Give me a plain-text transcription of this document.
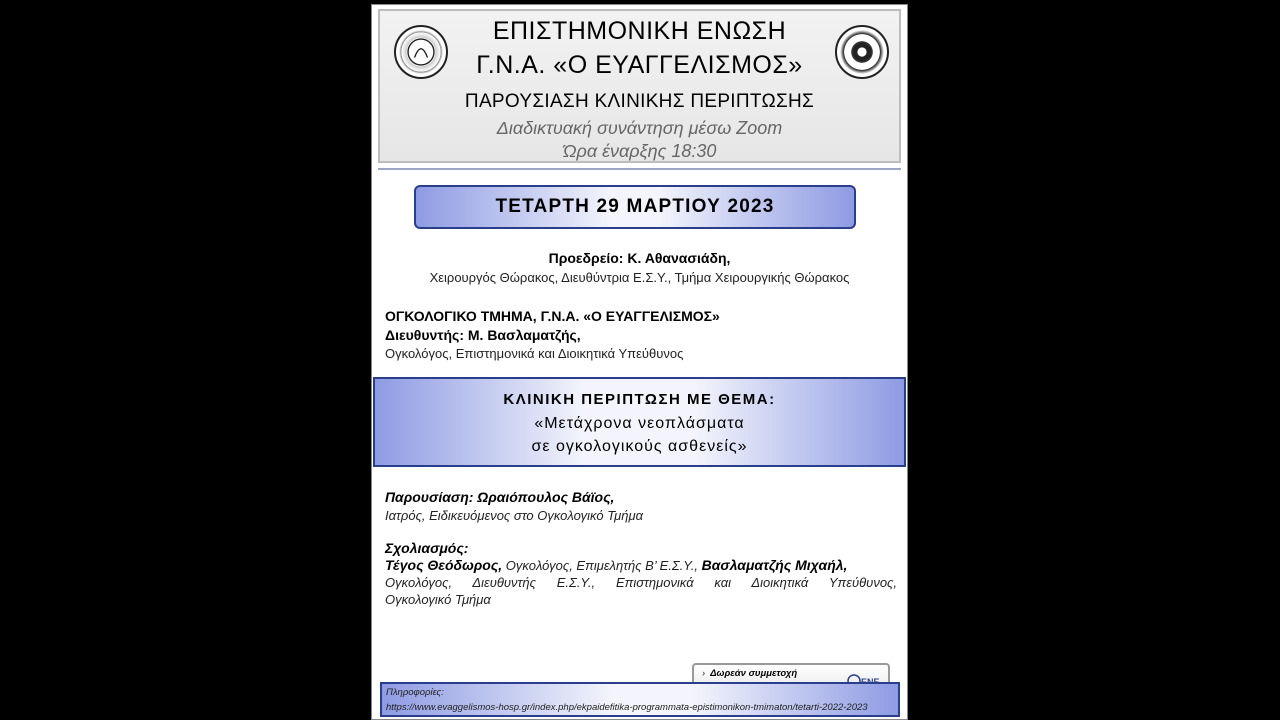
ΕΠΙΣΤΗΜΟΝΙΚΗ ΕΝΩΣΗ
Γ.Ν.Α. «Ο ΕΥΑΓΓΕΛΙΣΜΟΣ»
ΠΑΡΟΥΣΙΑΣΗ ΚΛΙΝΙΚΗΣ ΠΕΡΙΠΤΩΣΗΣ
Διαδικτυακή συνάντηση μέσω Zoom
Ώρα έναρξης 18:30
ΤΕΤΑΡΤΗ 29 ΜΑΡΤΙΟΥ 2023
Προεδρείο: Κ. Αθανασιάδη,
Χειρουργός Θώρακος, Διευθύντρια Ε.Σ.Υ., Τμήμα Χειρουργικής Θώρακος
ΟΓΚΟΛΟΓΙΚΟ ΤΜΗΜΑ, Γ.Ν.Α. «Ο ΕΥΑΓΓΕΛΙΣΜΟΣ»
Διευθυντής: Μ. Βασλαματζής,
Ογκολόγος, Επιστημονικά και Διοικητικά Υπεύθυνος
ΚΛΙΝΙΚΗ ΠΕΡΙΠΤΩΣΗ ΜΕ ΘΕΜΑ:
«Μετάχρονα νεοπλάσματα
σε ογκολογικούς ασθενείς»
Παρουσίαση: Ωραιόπουλος Βάϊος,
Ιατρός, Ειδικευόμενος στο Ογκολογικό Τμήμα
Σχολιασμός:
Τέγος Θεόδωρος, Ογκολόγος, Επιμελητής Β’ Ε.Σ.Υ., Βασλαματζής Μιχαήλ,
Ογκολόγος, Διευθυντής Ε.Σ.Υ., Επιστημονικά και Διοικητικά Υπεύθυνος,
Ογκολογικό Τμήμα
› Δωρεάν συμμετοχή
›
Πληροφορίες:
https://www.evaggelismos-hosp.gr/index.php/ekpaidefitika-programmata-epistimonikon-tmimaton/tetarti-2022-2023
